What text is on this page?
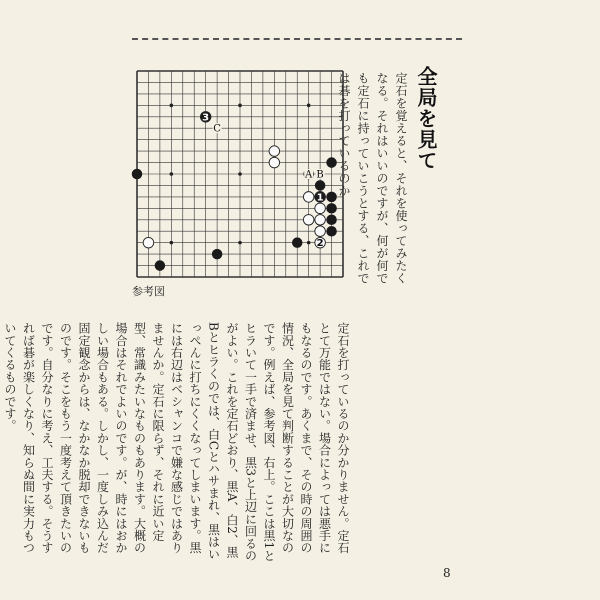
全局を見て
定石を覚えると、それを使ってみたくなる。それはいいのですが、何が何でも定石に持っていこうとする、これでは碁を打っているのか
2
3
1
C
A B
参考図
定石を打っているのか分かりません。定石とて万能ではない。場合によっては悪手にもなるのです。あくまで、その時の周囲の情況、全局を見て判断することが大切なのです。例えば、参考図、右上。ここは黒1とヒラいて一手で済ませ、黒3と上辺に回るのがよい。これを定石どおり、黒A、白2、黒Bとヒラくのでは、白Cとハサまれ、黒はいっぺんに打ちにくくなってしまいます。黒には右辺はベシャンコで嫌な感じではありませんか。定石に限らず、それに近い定型、常識みたいなものもあります。大概の場合はそれでよいのです。が、時にはおかしい場合もある。しかし、一度しみ込んだ固定観念からは、なかなか脱却できないものです。そこをもう一度考えて頂きたいのです。自分なりに考え、工夫する。そうすれば碁が楽しくなり、知らぬ間に実力もついてくるものです。
8
